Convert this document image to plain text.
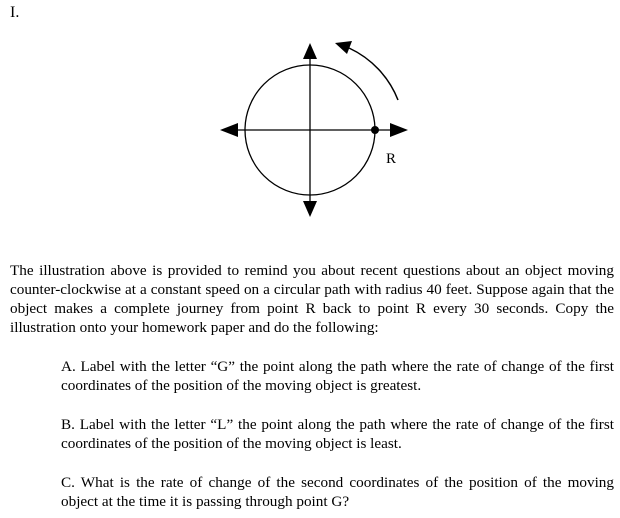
I.
R
The illustration above is provided to remind you about recent questions about an object moving counter-clockwise at a constant speed on a circular path with radius 40 feet. Suppose again that the object makes a complete journey from point R back to point R every 30 seconds. Copy the illustration onto your homework paper and do the following:
A. Label with the letter “G” the point along the path where the rate of change of the first coordinates of the position of the moving object is greatest.
B. Label with the letter “L” the point along the path where the rate of change of the first coordinates of the position of the moving object is least.
C. What is the rate of change of the second coordinates of the position of the moving object at the time it is passing through point G?
